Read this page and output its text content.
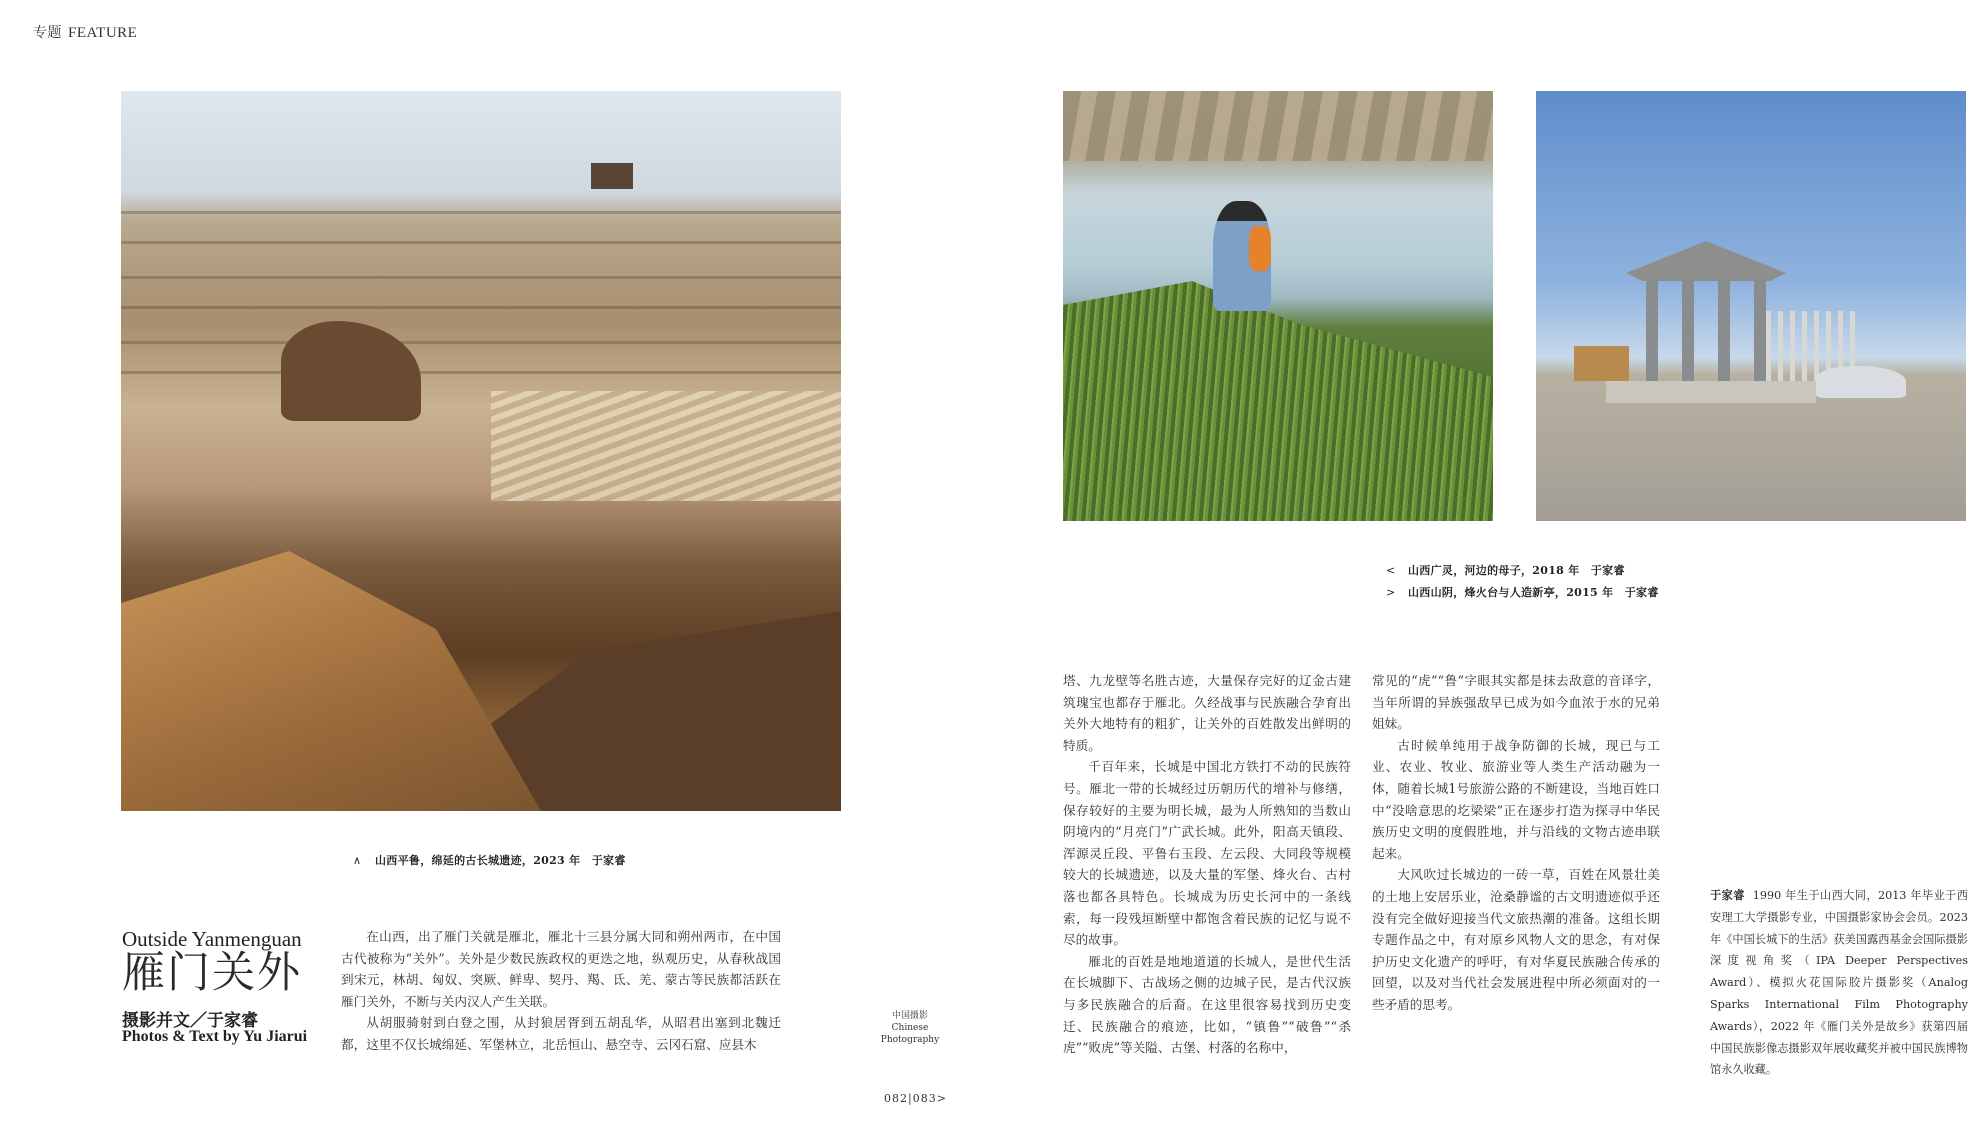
专题 FEATURE
∧ 山西平鲁，绵延的古长城遗迹，2023 年　于家睿
< 山西广灵，河边的母子，2018 年　于家睿
> 山西山阴，烽火台与人造新亭，2015 年　于家睿
Outside Yanmenguan
雁门关外
摄影并文／于家睿
Photos & Text by Yu Jiarui

在山西，出了雁门关就是雁北，雁北十三县分属大同和朔州两市，在中国古代被称为“关外”。关外是少数民族政权的更迭之地，纵观历史，从春秋战国到宋元，林胡、匈奴、突厥、鲜卑、契丹、羯、氐、羌、蒙古等民族都活跃在雁门关外，不断与关内汉人产生关联。

从胡服骑射到白登之围，从封狼居胥到五胡乱华，从昭君出塞到北魏迁都，这里不仅长城绵延、军堡林立，北岳恒山、悬空寺、云冈石窟、应县木

塔、九龙壁等名胜古迹，大量保存完好的辽金古建筑瑰宝也都存于雁北。久经战事与民族融合孕育出关外大地特有的粗犷，让关外的百姓散发出鲜明的特质。

千百年来，长城是中国北方铁打不动的民族符号。雁北一带的长城经过历朝历代的增补与修缮，保存较好的主要为明长城，最为人所熟知的当数山阴境内的“月亮门”广武长城。此外，阳高天镇段、浑源灵丘段、平鲁右玉段、左云段、大同段等规模较大的长城遗迹，以及大量的军堡、烽火台、古村落也都各具特色。长城成为历史长河中的一条线索，每一段残垣断壁中都饱含着民族的记忆与说不尽的故事。

雁北的百姓是地地道道的长城人，是世代生活在长城脚下、古战场之侧的边城子民，是古代汉族与多民族融合的后裔。在这里很容易找到历史变迁、民族融合的痕迹，比如，“镇鲁”“破鲁”“杀虎”“败虎”等关隘、古堡、村落的名称中，

常见的“虎”“鲁”字眼其实都是抹去敌意的音译字，当年所谓的异族强敌早已成为如今血浓于水的兄弟姐妹。

古时候单纯用于战争防御的长城，现已与工业、农业、牧业、旅游业等人类生产活动融为一体，随着长城1号旅游公路的不断建设，当地百姓口中“没啥意思的圪梁梁”正在逐步打造为探寻中华民族历史文明的度假胜地，并与沿线的文物古迹串联起来。

大风吹过长城边的一砖一草，百姓在风景壮美的土地上安居乐业，沧桑静谧的古文明遗迹似乎还没有完全做好迎接当代文旅热潮的准备。这组长期专题作品之中，有对原乡风物人文的思念，有对保护历史文化遗产的呼吁，有对华夏民族融合传承的回望，以及对当代社会发展进程中所必须面对的一些矛盾的思考。

中国摄影
Chinese
Photography
于家睿 1990 年生于山西大同，2013 年毕业于西安理工大学摄影专业，中国摄影家协会会员。2023 年《中国长城下的生活》获美国露西基金会国际摄影深度视角奖（IPA Deeper Perspectives Award）、模拟火花国际胶片摄影奖（Analog Sparks International Film Photography Awards），2022 年《雁门关外是故乡》获第四届中国民族影像志摄影双年展收藏奖并被中国民族博物馆永久收藏。
082|083>
